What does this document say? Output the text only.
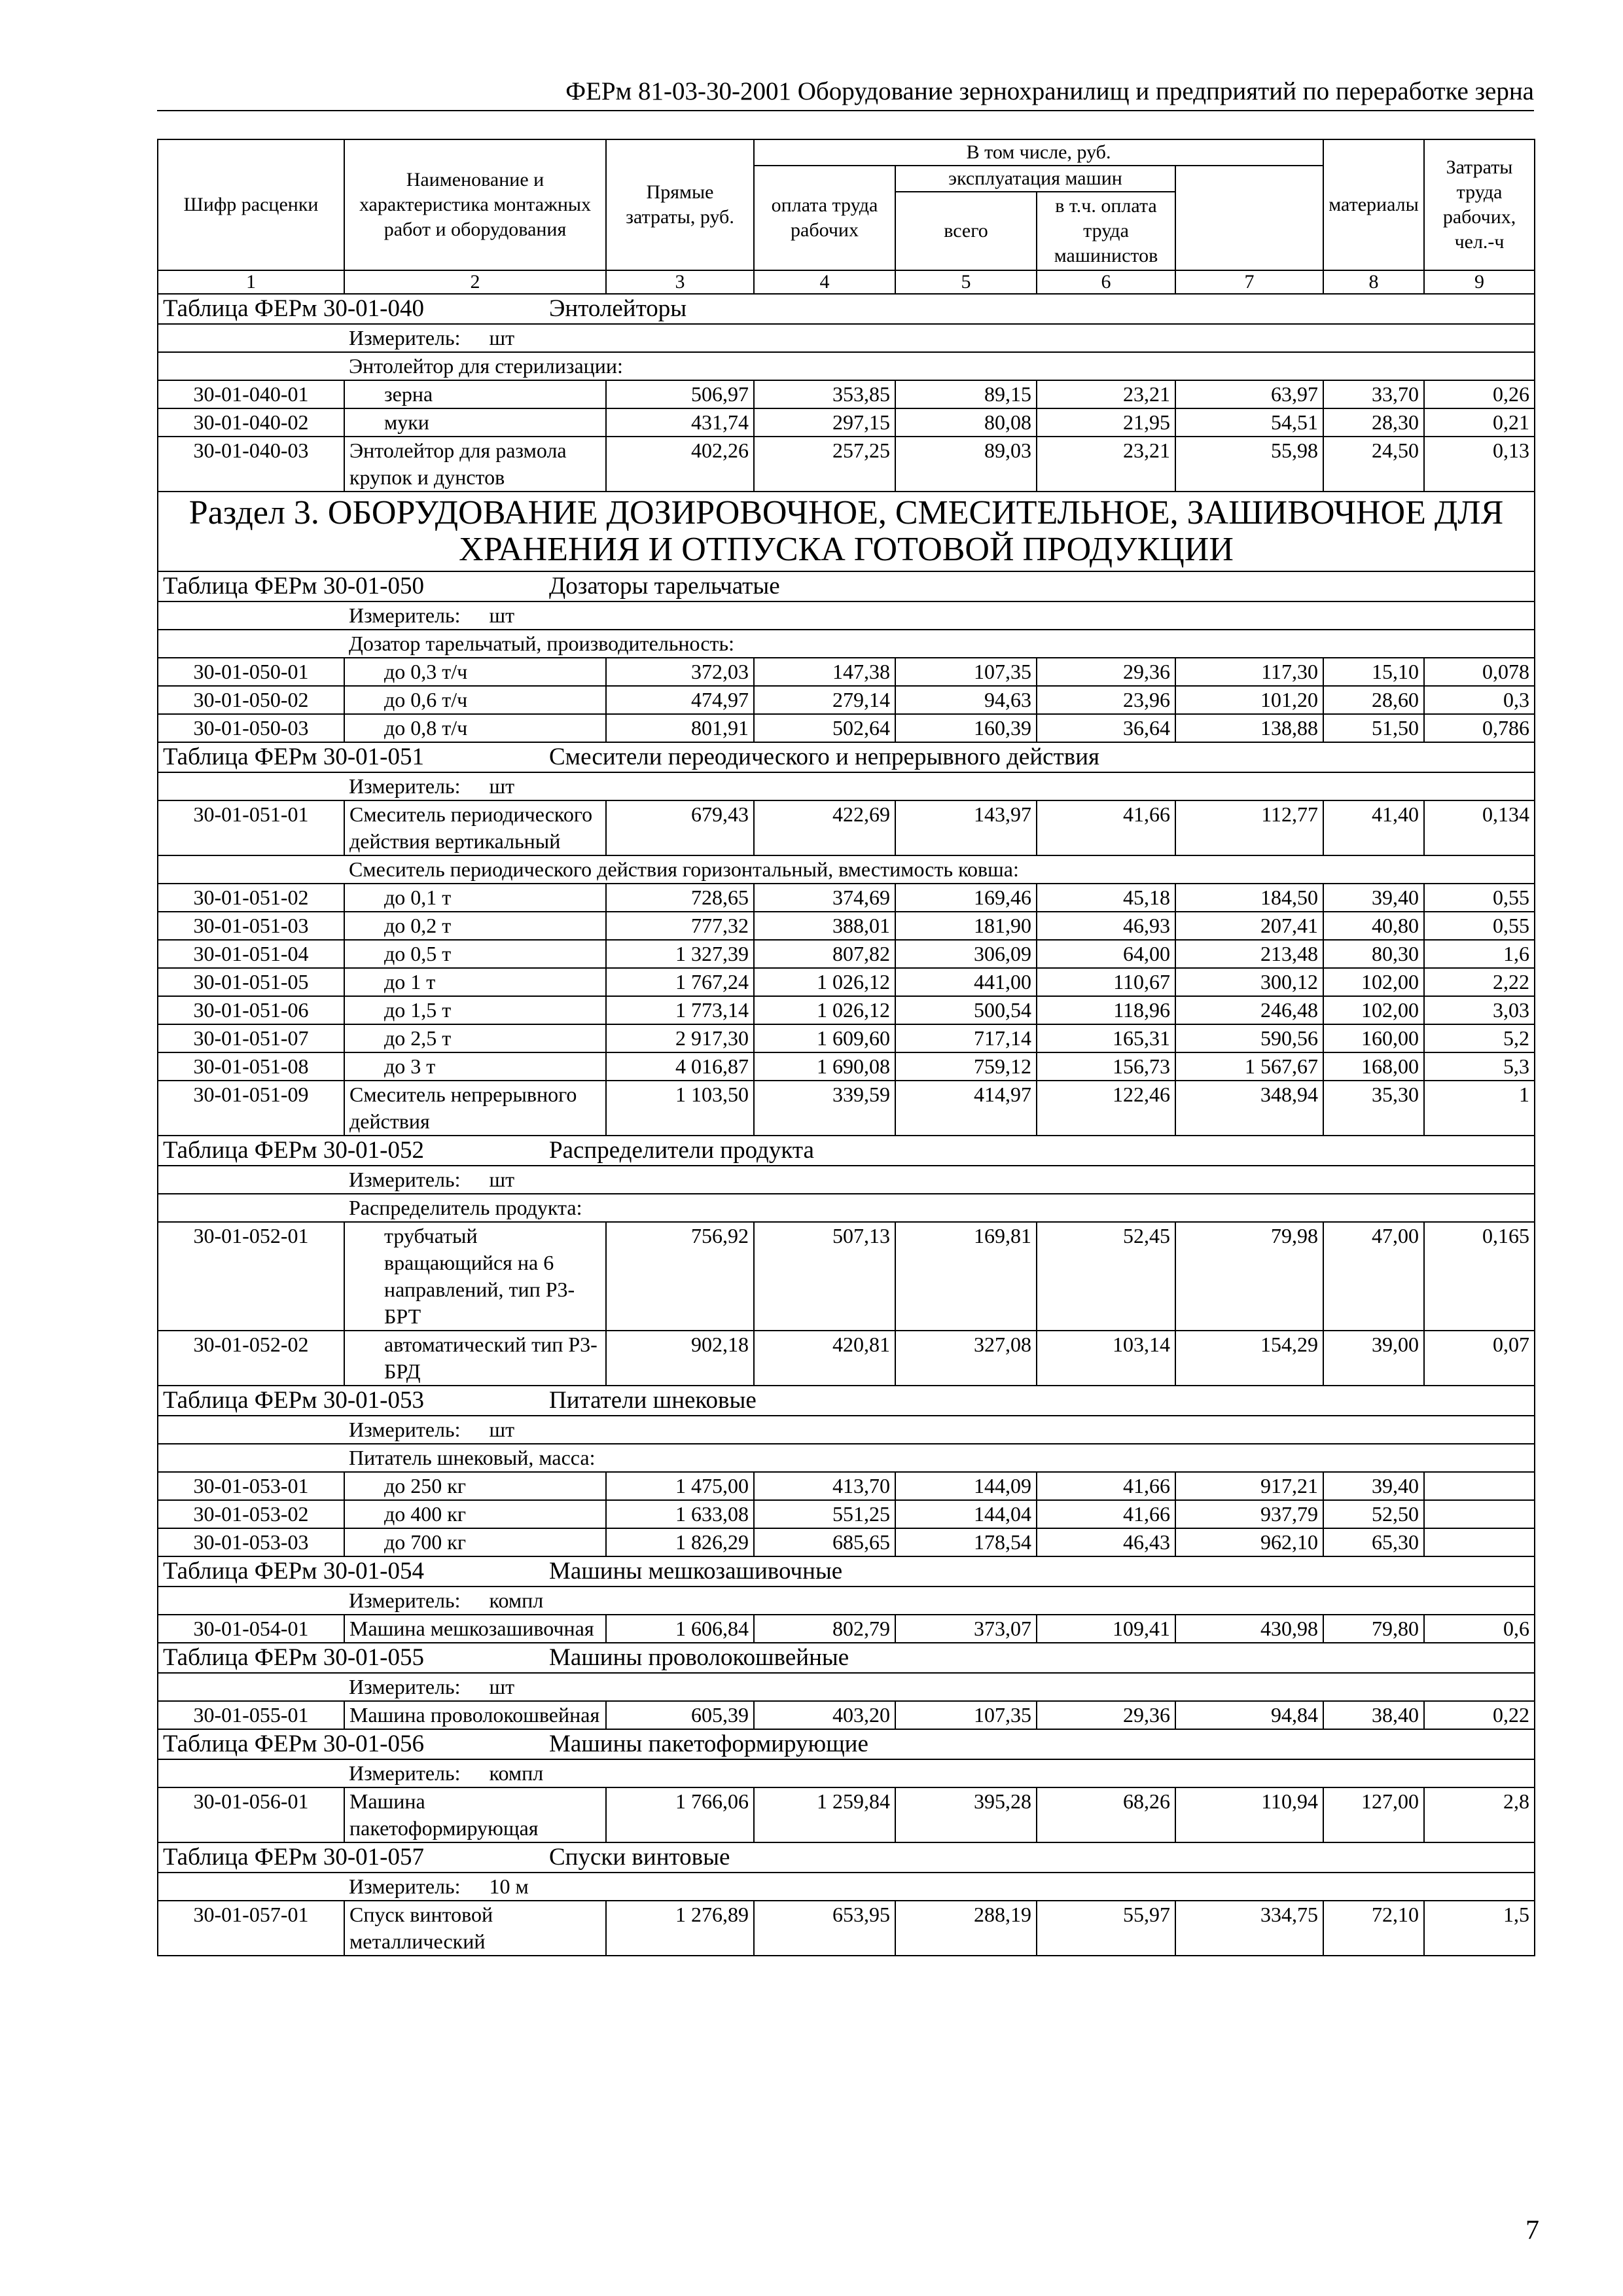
ФЕРм 81-03-30-2001 Оборудование зернохранилищ и предприятий по переработке зерна
Шифр расценки	Наименование и характеристика монтажных работ и оборудования	Прямые затраты, руб.	В том числе, руб.				материалы	Затраты труда рабочих, чел.-ч	
			оплата труда рабочих	эксплуатация машин					
				всего	в т.ч. оплата труда машинистов				
1	2	3	4	5	6	7	8	9	
Таблица ФЕРм 30-01-040 Энтолейторы									
Измеритель: шт									
Энтолейтор для стерилизации:									
30-01-040-01	зерна	506,97	353,85	89,15	23,21	63,97	33,70	0,26	
30-01-040-02	муки	431,74	297,15	80,08	21,95	54,51	28,30	0,21	
30-01-040-03	Энтолейтор для размола крупок и дунстов	402,26	257,25	89,03	23,21	55,98	24,50	0,13	
Раздел 3. ОБОРУДОВАНИЕ ДОЗИРОВОЧНОЕ, СМЕСИТЕЛЬНОЕ, ЗАШИВОЧНОЕ ДЛЯ ХРАНЕНИЯ И ОТПУСКА ГОТОВОЙ ПРОДУКЦИИ									
Таблица ФЕРм 30-01-050 Дозаторы тарельчатые									
Измеритель: шт									
Дозатор тарельчатый, производительность:									
30-01-050-01	до 0,3 т/ч	372,03	147,38	107,35	29,36	117,30	15,10	0,078	
30-01-050-02	до 0,6 т/ч	474,97	279,14	94,63	23,96	101,20	28,60	0,3	
30-01-050-03	до 0,8 т/ч	801,91	502,64	160,39	36,64	138,88	51,50	0,786	
Таблица ФЕРм 30-01-051 Смесители переодического и непрерывного действия									
Измеритель: шт									
30-01-051-01	Смеситель периодического действия вертикальный	679,43	422,69	143,97	41,66	112,77	41,40	0,134	
Смеситель периодического действия горизонтальный, вместимость ковша:									
30-01-051-02	до 0,1 т	728,65	374,69	169,46	45,18	184,50	39,40	0,55	
30-01-051-03	до 0,2 т	777,32	388,01	181,90	46,93	207,41	40,80	0,55	
30-01-051-04	до 0,5 т	1 327,39	807,82	306,09	64,00	213,48	80,30	1,6	
30-01-051-05	до 1 т	1 767,24	1 026,12	441,00	110,67	300,12	102,00	2,22	
30-01-051-06	до 1,5 т	1 773,14	1 026,12	500,54	118,96	246,48	102,00	3,03	
30-01-051-07	до 2,5 т	2 917,30	1 609,60	717,14	165,31	590,56	160,00	5,2	
30-01-051-08	до 3 т	4 016,87	1 690,08	759,12	156,73	1 567,67	168,00	5,3	
30-01-051-09	Смеситель непрерывного действия	1 103,50	339,59	414,97	122,46	348,94	35,30	1	
Таблица ФЕРм 30-01-052 Распределители продукта									
Измеритель: шт									
Распределитель продукта:									
30-01-052-01	трубчатый вращающийся на 6 направлений, тип Р3-БРТ	756,92	507,13	169,81	52,45	79,98	47,00	0,165	
30-01-052-02	автоматический тип Р3-БРД	902,18	420,81	327,08	103,14	154,29	39,00	0,07	
Таблица ФЕРм 30-01-053 Питатели шнековые									
Измеритель: шт									
Питатель шнековый, масса:									
30-01-053-01	до 250 кг	1 475,00	413,70	144,09	41,66	917,21	39,40		
30-01-053-02	до 400 кг	1 633,08	551,25	144,04	41,66	937,79	52,50		
30-01-053-03	до 700 кг	1 826,29	685,65	178,54	46,43	962,10	65,30		
Таблица ФЕРм 30-01-054 Машины мешкозашивочные									
Измеритель: компл									
30-01-054-01	Машина мешкозашивочная	1 606,84	802,79	373,07	109,41	430,98	79,80	0,6	
Таблица ФЕРм 30-01-055 Машины проволокошвейные									
Измеритель: шт									
30-01-055-01	Машина проволокошвейная	605,39	403,20	107,35	29,36	94,84	38,40	0,22	
Таблица ФЕРм 30-01-056 Машины пакетоформирующие									
Измеритель: компл									
30-01-056-01	Машина пакетоформирующая	1 766,06	1 259,84	395,28	68,26	110,94	127,00	2,8	
Таблица ФЕРм 30-01-057 Спуски винтовые									
Измеритель: 10 м									
30-01-057-01	Спуск винтовой металлический	1 276,89	653,95	288,19	55,97	334,75	72,10	1,5	
7
